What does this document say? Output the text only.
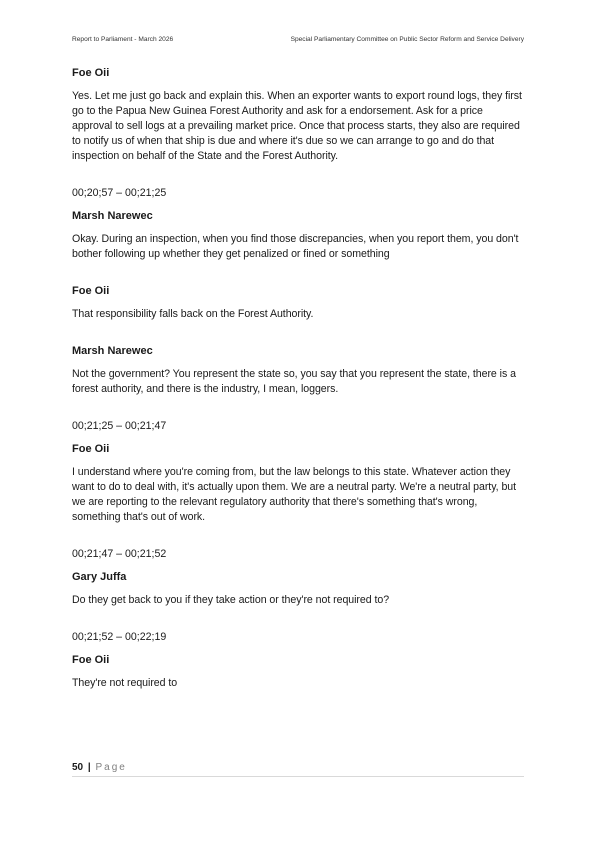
Report to Parliament - March 2026	Special Parliamentary Committee on Public Sector Reform and Service Delivery

Foe Oii

Yes. Let me just go back and explain this. When an exporter wants to export round logs, they first go to the Papua New Guinea Forest Authority and ask for a endorsement. Ask for a price approval to sell logs at a prevailing market price. Once that process starts, they also are required to notify us of when that ship is due and where it's due so we can arrange to go and do that inspection on behalf of the State and the Forest Authority.

00;20;57 – 00;21;25

Marsh Narewec

Okay. During an inspection, when you find those discrepancies, when you report them, you don't bother following up whether they get penalized or fined or something

Foe Oii

That responsibility falls back on the Forest Authority.

Marsh Narewec

Not the government? You represent the state so, you say that you represent the state, there is a forest authority, and there is the industry, I mean, loggers.

00;21;25 – 00;21;47

Foe Oii

I understand where you're coming from, but the law belongs to this state. Whatever action they want to do to deal with, it's actually upon them. We are a neutral party. We're a neutral party, but we are reporting to the relevant regulatory authority that there's something that's wrong, something that's out of work.

00;21;47 – 00;21;52

Gary Juffa

Do they get back to you if they take action or they're not required to?

00;21;52 – 00;22;19

Foe Oii

They're not required to

50 | Page
